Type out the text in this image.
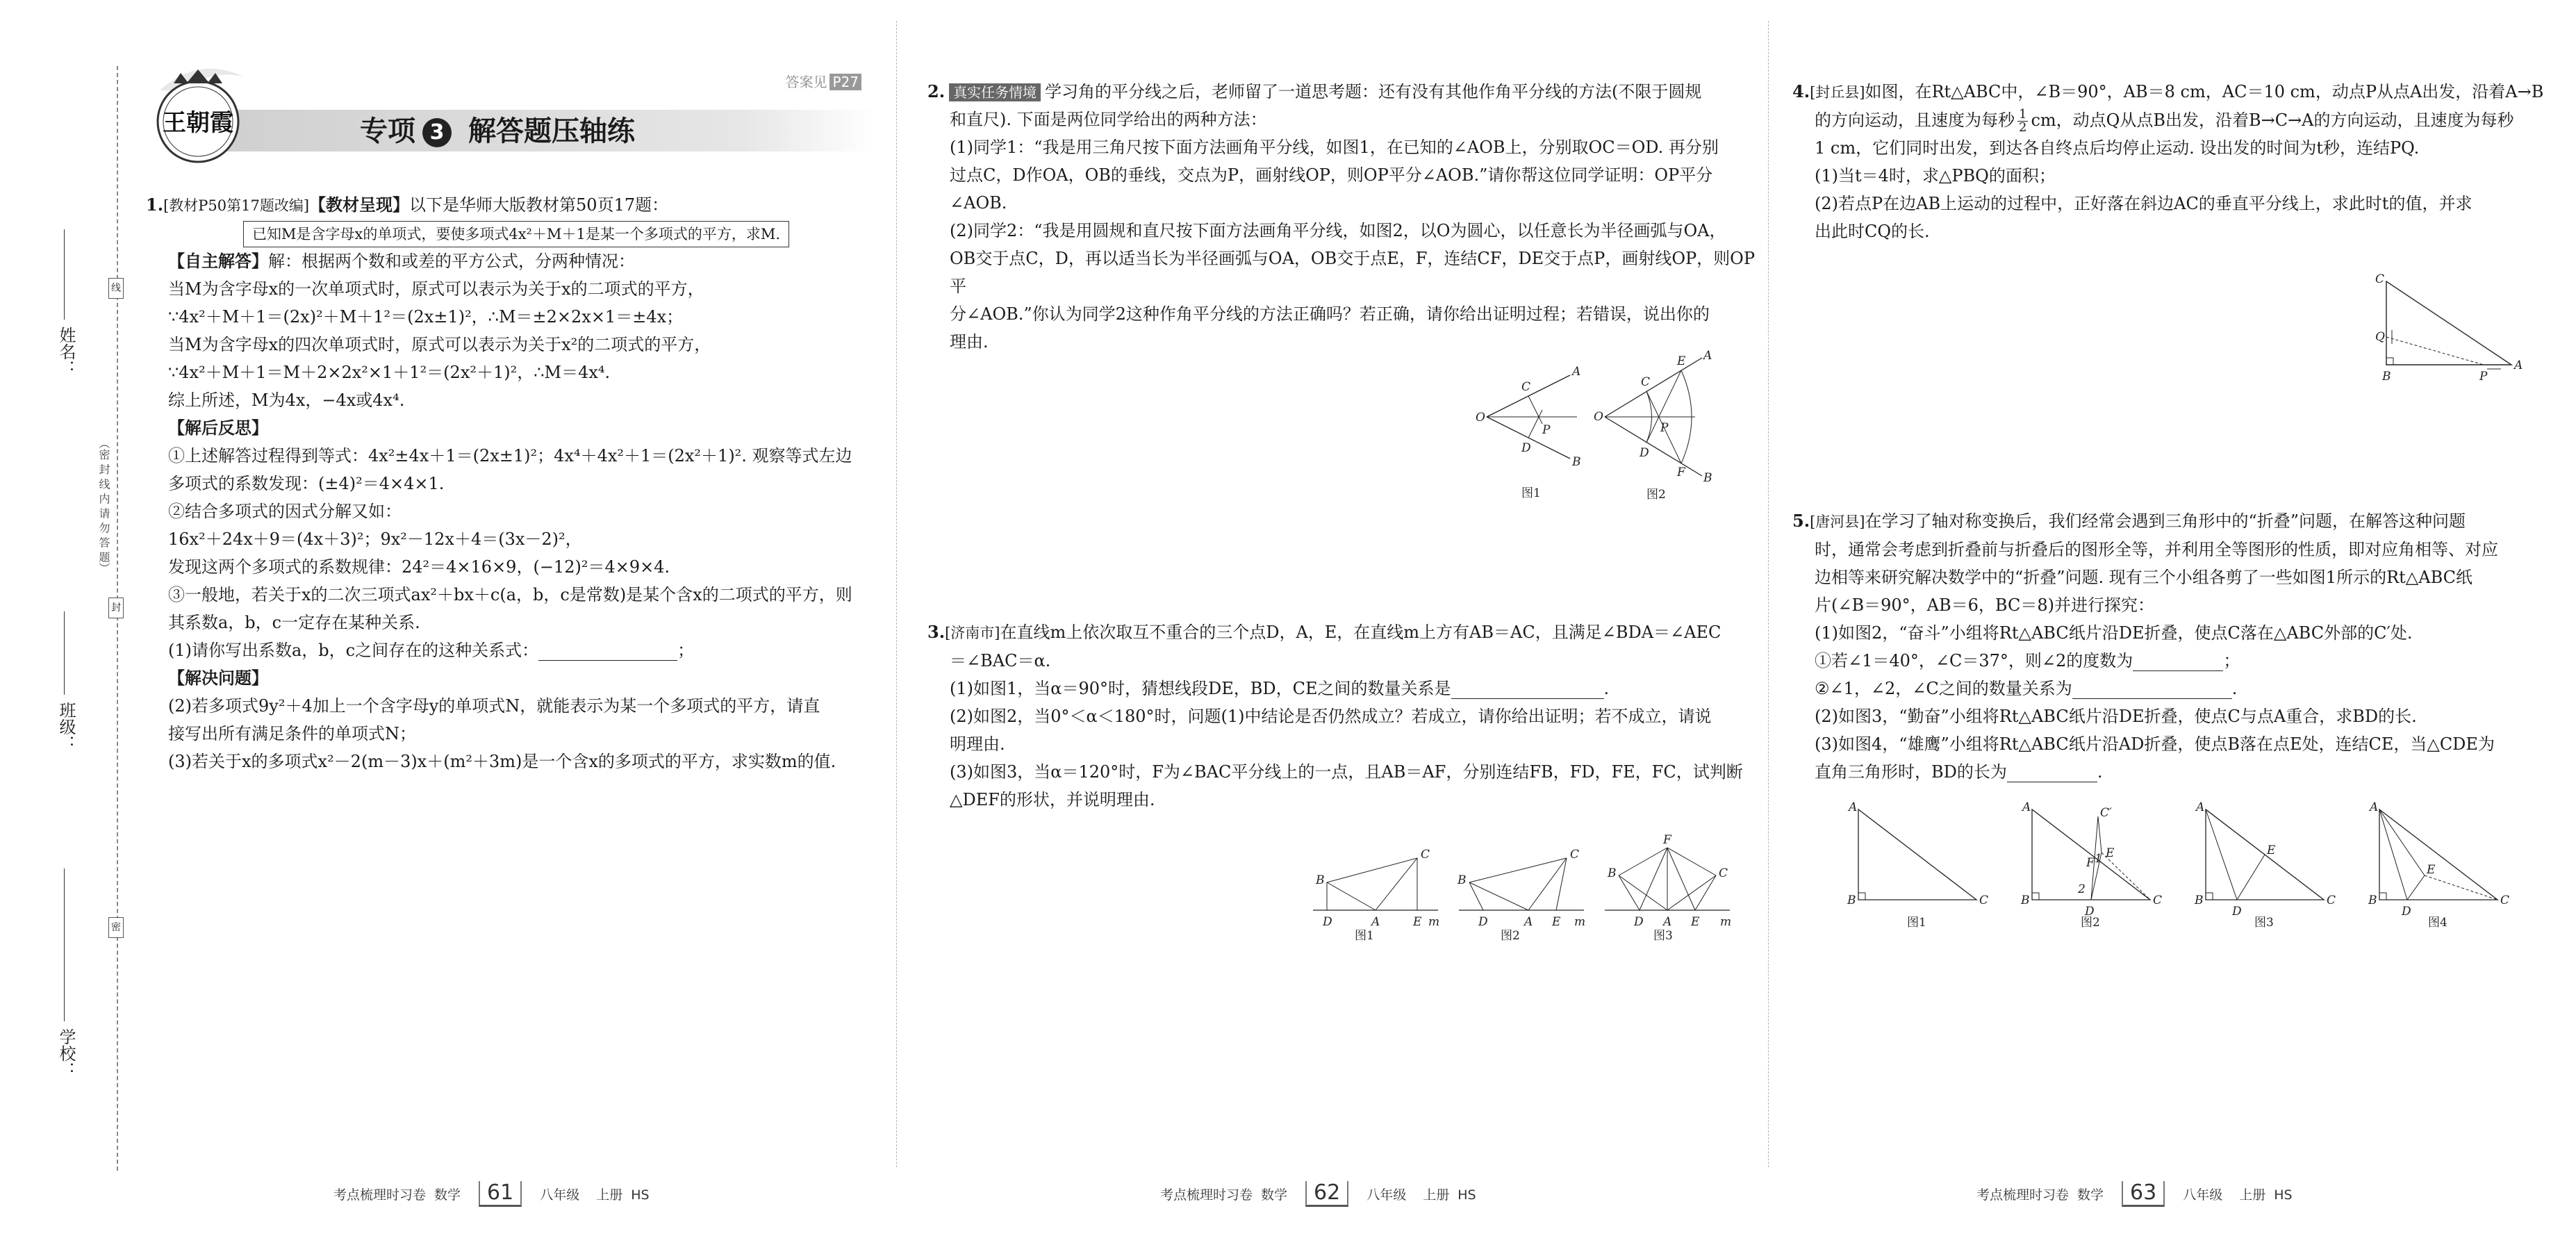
姓名：
班级：
学校：
（密 封 线 内 请 勿 答 题）
线
封
密
答案见 P27
专项 3 解答题压轴练
王朝霞

1.[教材P50第17题改编]【教材呈现】以下是华师大版教材第50页17题：

已知M是含字母x的单项式，要使多项式4x²＋M＋1是某一个多项式的平方，求M.

【自主解答】解：根据两个数和或差的平方公式，分两种情况：

当M为含字母x的一次单项式时，原式可以表示为关于x的二项式的平方，

∵4x²＋M＋1＝(2x)²＋M＋1²＝(2x±1)²，∴M＝±2×2x×1＝±4x；

当M为含字母x的四次单项式时，原式可以表示为关于x²的二项式的平方，

∵4x²＋M＋1＝M＋2×2x²×1＋1²＝(2x²＋1)²，∴M＝4x⁴.

综上所述，M为4x，−4x或4x⁴.

【解后反思】

①上述解答过程得到等式：4x²±4x＋1＝(2x±1)²；4x⁴＋4x²＋1＝(2x²＋1)². 观察等式左边

多项式的系数发现：(±4)²＝4×4×1.

②结合多项式的因式分解又如：

16x²＋24x＋9＝(4x＋3)²；9x²－12x＋4＝(3x－2)²，

发现这两个多项式的系数规律：24²＝4×16×9，(−12)²＝4×9×4.

③一般地，若关于x的二次三项式ax²＋bx＋c(a，b，c是常数)是某个含x的二项式的平方，则

其系数a，b，c一定存在某种关系.

(1)请你写出系数a，b，c之间存在的这种关系式：	；

【解决问题】

(2)若多项式9y²＋4加上一个含字母y的单项式N，就能表示为某一个多项式的平方，请直

接写出所有满足条件的单项式N；

(3)若关于x的多项式x²－2(m－3)x＋(m²＋3m)是一个含x的多项式的平方，求实数m的值.

考点梳理时习卷 数学 61 八年级 上册 HS

2. 真实任务情境 学习角的平分线之后，老师留了一道思考题：还有没有其他作角平分线的方法(不限于圆规

和直尺). 下面是两位同学给出的两种方法：

(1)同学1：“我是用三角尺按下面方法画角平分线，如图1，在已知的∠AOB上，分别取OC＝OD. 再分别

过点C，D作OA，OB的垂线，交点为P，画射线OP，则OP平分∠AOB.”请你帮这位同学证明：OP平分

∠AOB.

(2)同学2：“我是用圆规和直尺按下面方法画角平分线，如图2，以O为圆心，以任意长为半径画弧与OA，

OB交于点C，D，再以适当长为半径画弧与OA，OB交于点E，F，连结CF，DE交于点P，画射线OP，则OP平

分∠AOB.”你认为同学2这种作角平分线的方法正确吗？若正确，请你给出证明过程；若错误，说出你的

理由.

O
A
B
C
D
P
图1
O
A
B
C
D
E
F
P
图2

3.[济南市]在直线m上依次取互不重合的三个点D，A，E，在直线m上方有AB＝AC，且满足∠BDA＝∠AEC

＝∠BAC＝α.

(1)如图1，当α＝90°时，猜想线段DE，BD，CE之间的数量关系是	.

(2)如图2，当0°＜α＜180°时，问题(1)中结论是否仍然成立？若成立，请你给出证明；若不成立，请说

明理由.

(3)如图3，当α＝120°时，F为∠BAC平分线上的一点，且AB＝AF，分别连结FB，FD，FE，FC，试判断

△DEF的形状，并说明理由.

B
C
D	A	E m
图1
B
C
D	A E m
图2
F
B	C
D A E m
图3
考点梳理时习卷 数学 62 八年级 上册 HS

4.[封丘县]如图，在Rt△ABC中，∠B＝90°，AB＝8 cm，AC＝10 cm，动点P从点A出发，沿着A→B

的方向运动，且速度为每秒 $\frac{1}{2}$ cm，动点Q从点B出发，沿着B→C→A的方向运动，且速度为每秒

1 cm，它们同时出发，到达各自终点后均停止运动. 设出发的时间为t秒，连结PQ.

(1)当t＝4时，求△PBQ的面积；

(2)若点P在边AB上运动的过程中，正好落在斜边AC的垂直平分线上，求此时t的值，并求

出此时CQ的长.

C
Q
B	P
A

5.[唐河县]在学习了轴对称变换后，我们经常会遇到三角形中的“折叠”问题，在解答这种问题

时，通常会考虑到折叠前与折叠后的图形全等，并利用全等图形的性质，即对应角相等、对应

边相等来研究解决数学中的“折叠”问题. 现有三个小组各剪了一些如图1所示的Rt△ABC纸

片(∠B＝90°，AB＝6，BC＝8)并进行探究：

(1)如图2，“奋斗”小组将Rt△ABC纸片沿DE折叠，使点C落在△ABC外部的C′处.

①若∠1＝40°，∠C＝37°，则∠2的度数为	；

②∠1，∠2，∠C之间的数量关系为	.

(2)如图3，“勤奋”小组将Rt△ABC纸片沿DE折叠，使点C与点A重合，求BD的长.

(3)如图4，“雄鹰”小组将Rt△ABC纸片沿AD折叠，使点B落在点E处，连结CE，当△CDE为

直角三角形时，BD的长为	.

A
B	C
图1
A
B	C
C′
E
D
F 1
2
图2
A
B	C
E
D
图3
A
B	C
E
D
图4
考点梳理时习卷 数学 63 八年级 上册 HS
